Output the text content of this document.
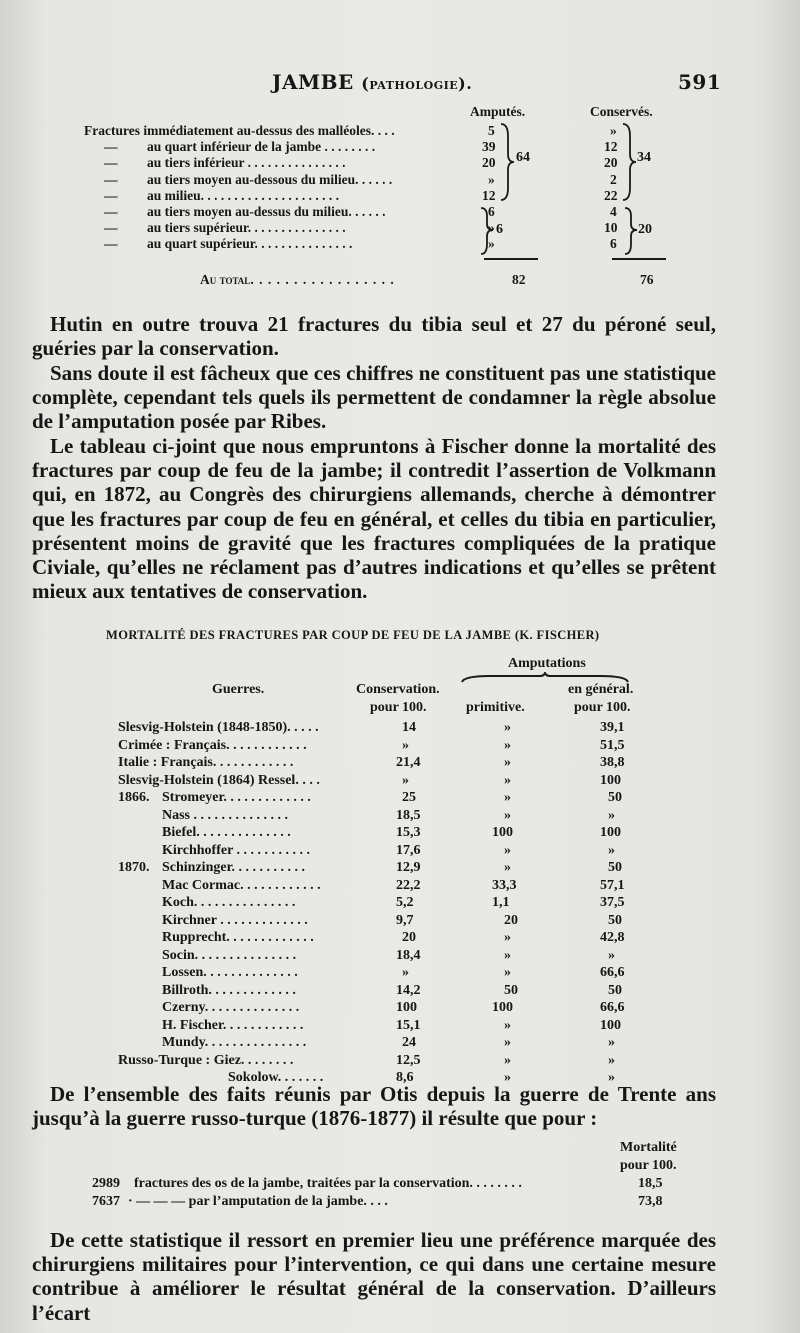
JAMBE (pathologie).	591
Amputés.	Conservés.
Fractures immédiatement au-dessus des malléoles. . . .	5	»
— au quart inférieur de la jambe . . . . . . . .	39	12
— au tiers inférieur . . . . . . . . . . . . . . .	20	20
— au tiers moyen au-dessous du milieu. . . . . .	»	2
— au milieu. . . . . . . . . . . . . . . . . . . . .	12	22
— au tiers moyen au-dessus du milieu. . . . . .	6	4
— au tiers supérieur. . . . . . . . . . . . . . .	»	10
— au quart supérieur. . . . . . . . . . . . . . .	»	6
64	34
6	20
Au total. . . . . . . . . . . . . . . . .	82	76
Hutin en outre trouva 21 fractures du tibia seul et 27 du péroné seul, guéries par la conservation.
Sans doute il est fâcheux que ces chiffres ne constituent pas une statistique complète, cependant tels quels ils permettent de condamner la règle absolue de l’amputation posée par Ribes.
Le tableau ci-joint que nous empruntons à Fischer donne la mortalité des fractures par coup de feu de la jambe; il contredit l’assertion de Volkmann qui, en 1872, au Congrès des chirurgiens allemands, cherche à démontrer que les fractures par coup de feu en général, et celles du tibia en particulier, présentent moins de gravité que les fractures compliquées de la pratique Civiale, qu’elles ne réclament pas d’autres indications et qu’elles se prêtent mieux aux tentatives de conservation.
MORTALITÉ DES FRACTURES PAR COUP DE FEU DE LA JAMBE (K. FISCHER)
Amputations
Guerres.	Conservation.
pour 100.	primitive.
en général.
pour 100.
Slesvig-Holstein (1848-1850). . . . .	14	»	39,1
Crimée : Français. . . . . . . . . . . .	»	»	51,5
Italie : Français. . . . . . . . . . . .	21,4	»	38,8
Slesvig-Holstein (1864) Ressel. . . .	»	»	100
1866. Stromeyer. . . . . . . . . . . . .	25	»	50
Nass . . . . . . . . . . . . . .	18,5	»	»
Biefel. . . . . . . . . . . . . .	15,3	100	100
Kirchhoffer . . . . . . . . . . .	17,6	»	»
1870. Schinzinger. . . . . . . . . . .	12,9	»	50
Mac Cormac. . . . . . . . . . . .	22,2	33,3	57,1
Koch. . . . . . . . . . . . . . .	5,2	1,1	37,5
Kirchner . . . . . . . . . . . . .	9,7	20	50
Rupprecht. . . . . . . . . . . . .	20	»	42,8
Socin. . . . . . . . . . . . . . .	18,4	»	»
Lossen. . . . . . . . . . . . . .	»	»	66,6
Billroth. . . . . . . . . . . . .	14,2	50	50
Czerny. . . . . . . . . . . . . .	100	100	66,6
H. Fischer. . . . . . . . . . . .	15,1	»	100
Mundy. . . . . . . . . . . . . . .	24	»	»
Russo-Turque : Giez. . . . . . . .	12,5	»	»
Sokolow. . . . . . .	8,6	»	»
De l’ensemble des faits réunis par Otis depuis la guerre de Trente ans jusqu’à la guerre russo-turque (1876-1877) il résulte que pour :
Mortalité
pour 100.
2989 fractures des os de la jambe, traitées par la conservation. . . . . . . .	18,5
7637 · — — — par l’amputation de la jambe. . . .	73,8
De cette statistique il ressort en premier lieu une préférence marquée des chirurgiens militaires pour l’intervention, ce qui dans une certaine mesure contribue à améliorer le résultat général de la conservation. D’ailleurs l’écart
